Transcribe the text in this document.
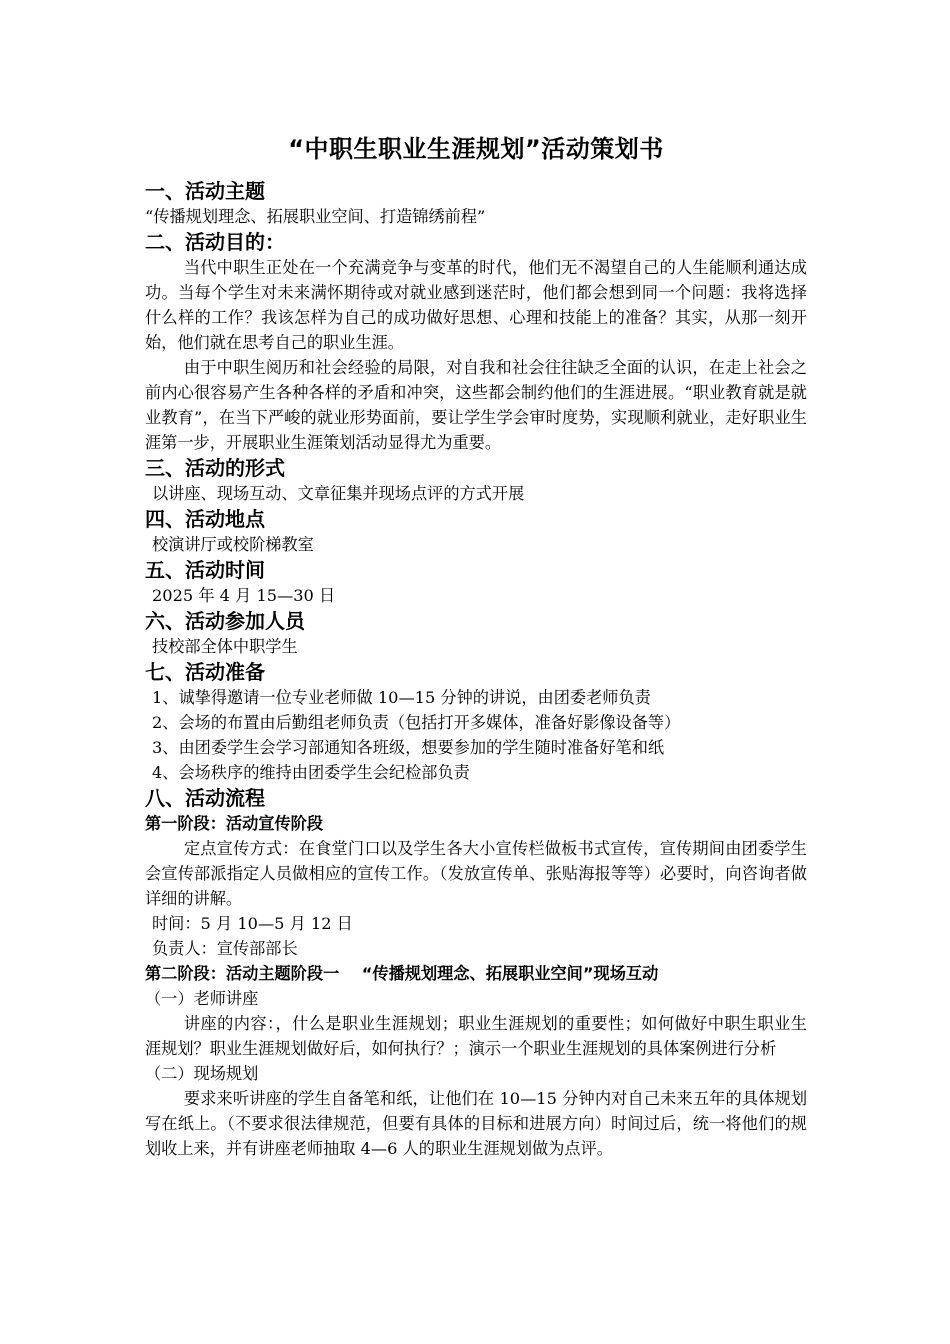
“中职生职业生涯规划”活动策划书
一、活动主题
“传播规划理念、拓展职业空间、打造锦绣前程”
二、活动目的：
当代中职生正处在一个充满竞争与变革的时代，他们无不渴望自己的人生能顺利通达成功。当每个学生对未来满怀期待或对就业感到迷茫时，他们都会想到同一个问题：我将选择什么样的工作？我该怎样为自己的成功做好思想、心理和技能上的准备？其实，从那一刻开始，他们就在思考自己的职业生涯。
由于中职生阅历和社会经验的局限，对自我和社会往往缺乏全面的认识，在走上社会之前内心很容易产生各种各样的矛盾和冲突，这些都会制约他们的生涯进展。“职业教育就是就业教育”，在当下严峻的就业形势面前，要让学生学会审时度势，实现顺利就业，走好职业生涯第一步，开展职业生涯策划活动显得尤为重要。
三、活动的形式
以讲座、现场互动、文章征集并现场点评的方式开展
四、活动地点
校演讲厅或校阶梯教室
五、活动时间
2025 年 4 月 15—30 日
六、活动参加人员
技校部全体中职学生
七、活动准备
1、诚挚得邀请一位专业老师做 10—15 分钟的讲说，由团委老师负责
2、会场的布置由后勤组老师负责（包括打开多媒体，准备好影像设备等）
3、由团委学生会学习部通知各班级，想要参加的学生随时准备好笔和纸
4、会场秩序的维持由团委学生会纪检部负责
八、活动流程
第一阶段：活动宣传阶段
定点宣传方式：在食堂门口以及学生各大小宣传栏做板书式宣传，宣传期间由团委学生会宣传部派指定人员做相应的宣传工作。（发放宣传单、张贴海报等等）必要时，向咨询者做详细的讲解。
时间：5 月 10—5 月 12 日
负责人：宣传部部长
第二阶段：活动主题阶段一    “传播规划理念、拓展职业空间”现场互动
（一）老师讲座
讲座的内容：，什么是职业生涯规划；职业生涯规划的重要性；如何做好中职生职业生涯规划？职业生涯规划做好后，如何执行？；演示一个职业生涯规划的具体案例进行分析
（二）现场规划
要求来听讲座的学生自备笔和纸，让他们在 10—15 分钟内对自己未来五年的具体规划写在纸上。（不要求很法律规范，但要有具体的目标和进展方向）时间过后，统一将他们的规划收上来，并有讲座老师抽取 4—6 人的职业生涯规划做为点评。
